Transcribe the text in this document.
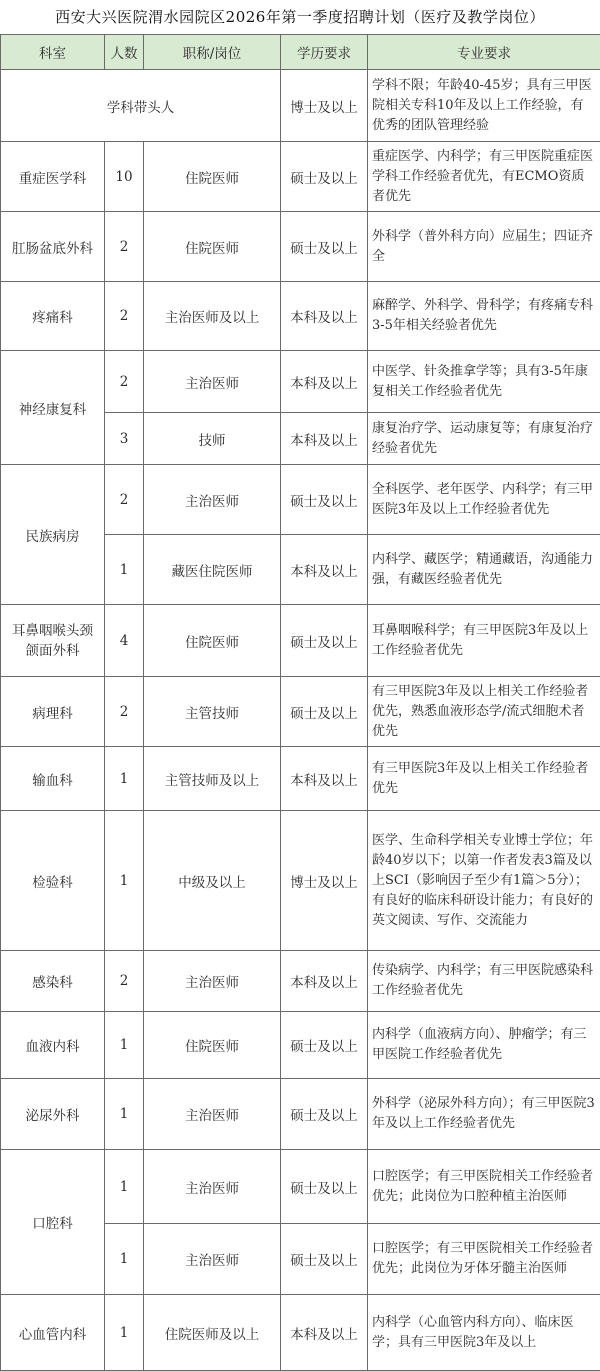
西安大兴医院渭水园院区2026年第一季度招聘计划（医疗及教学岗位）
科室	人数	职称/岗位	学历要求	专业要求
学科带头人			博士及以上	学科不限；年龄40-45岁；具有三甲医院相关专科10年及以上工作经验，有优秀的团队管理经验
重症医学科	10	住院医师	硕士及以上	重症医学、内科学；有三甲医院重症医学科工作经验者优先，有ECMO资质者优先
肛肠盆底外科	2	住院医师	硕士及以上	外科学（普外科方向）应届生；四证齐全
疼痛科	2	主治医师及以上	本科及以上	麻醉学、外科学、骨科学；有疼痛专科3-5年相关经验者优先
神经康复科	2	主治医师	本科及以上	中医学、针灸推拿学等；具有3-5年康复相关工作经验者优先
	3	技师	本科及以上	康复治疗学、运动康复等；有康复治疗经验者优先
民族病房	2	主治医师	硕士及以上	全科医学、老年医学、内科学；有三甲医院3年及以上工作经验者优先
	1	藏医住院医师	本科及以上	内科学、藏医学；精通藏语，沟通能力强，有藏医经验者优先
耳鼻咽喉头颈颌面外科	4	住院医师	硕士及以上	耳鼻咽喉科学；有三甲医院3年及以上工作经验者优先
病理科	2	主管技师	硕士及以上	有三甲医院3年及以上相关工作经验者优先，熟悉血液形态学/流式细胞术者优先
输血科	1	主管技师及以上	本科及以上	有三甲医院3年及以上相关工作经验者优先
检验科	1	中级及以上	博士及以上	医学、生命科学相关专业博士学位；年龄40岁以下；以第一作者发表3篇及以上SCI（影响因子至少有1篇＞5分）；有良好的临床科研设计能力；有良好的英文阅读、写作、交流能力
感染科	2	主治医师	本科及以上	传染病学、内科学；有三甲医院感染科工作经验者优先
血液内科	1	住院医师	硕士及以上	内科学（血液病方向）、肿瘤学；有三甲医院工作经验者优先
泌尿外科	1	主治医师	硕士及以上	外科学（泌尿外科方向）；有三甲医院3年及以上工作经验者优先
口腔科	1	主治医师	硕士及以上	口腔医学；有三甲医院相关工作经验者优先；此岗位为口腔种植主治医师
	1	主治医师	硕士及以上	口腔医学；有三甲医院相关工作经验者优先；此岗位为牙体牙髓主治医师
心血管内科	1	住院医师及以上	本科及以上	内科学（心血管内科方向）、临床医学；具有三甲医院3年及以上
